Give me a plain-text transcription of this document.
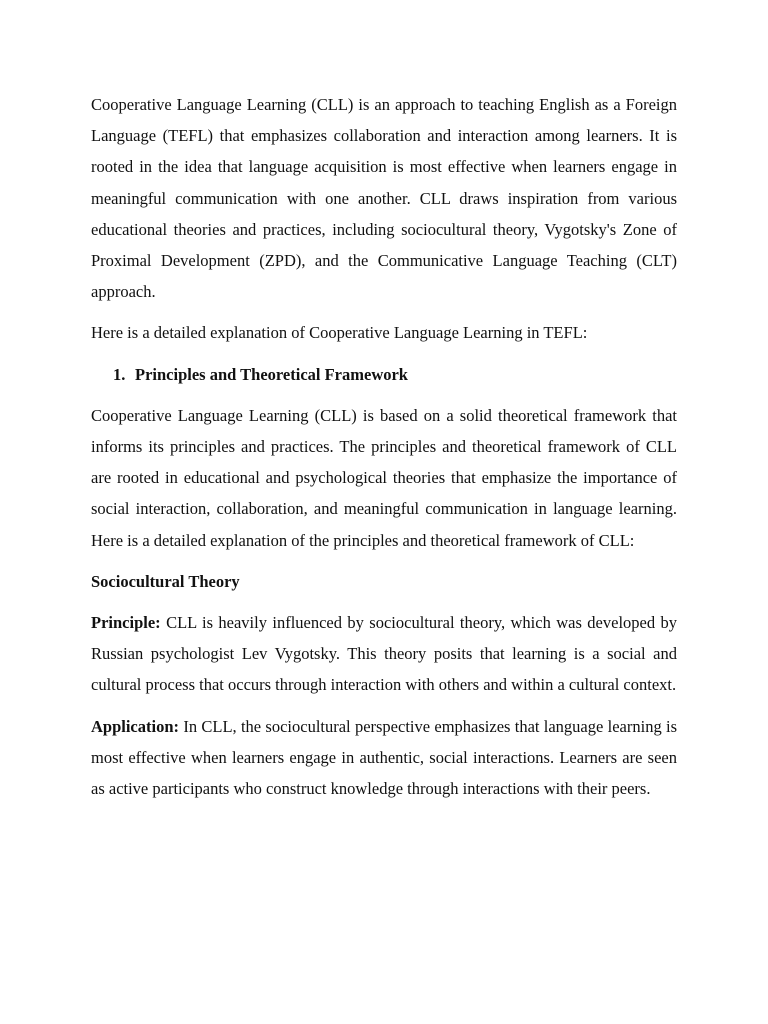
Cooperative Language Learning (CLL) is an approach to teaching English as a Foreign Language (TEFL) that emphasizes collaboration and interaction among learners. It is rooted in the idea that language acquisition is most effective when learners engage in meaningful communication with one another. CLL draws inspiration from various educational theories and practices, including sociocultural theory, Vygotsky's Zone of Proximal Development (ZPD), and the Communicative Language Teaching (CLT) approach.

Here is a detailed explanation of Cooperative Language Learning in TEFL:

1. Principles and Theoretical Framework

Cooperative Language Learning (CLL) is based on a solid theoretical framework that informs its principles and practices. The principles and theoretical framework of CLL are rooted in educational and psychological theories that emphasize the importance of social interaction, collaboration, and meaningful communication in language learning. Here is a detailed explanation of the principles and theoretical framework of CLL:

Sociocultural Theory

Principle: CLL is heavily influenced by sociocultural theory, which was developed by Russian psychologist Lev Vygotsky. This theory posits that learning is a social and cultural process that occurs through interaction with others and within a cultural context.

Application: In CLL, the sociocultural perspective emphasizes that language learning is most effective when learners engage in authentic, social interactions. Learners are seen as active participants who construct knowledge through interactions with their peers.
